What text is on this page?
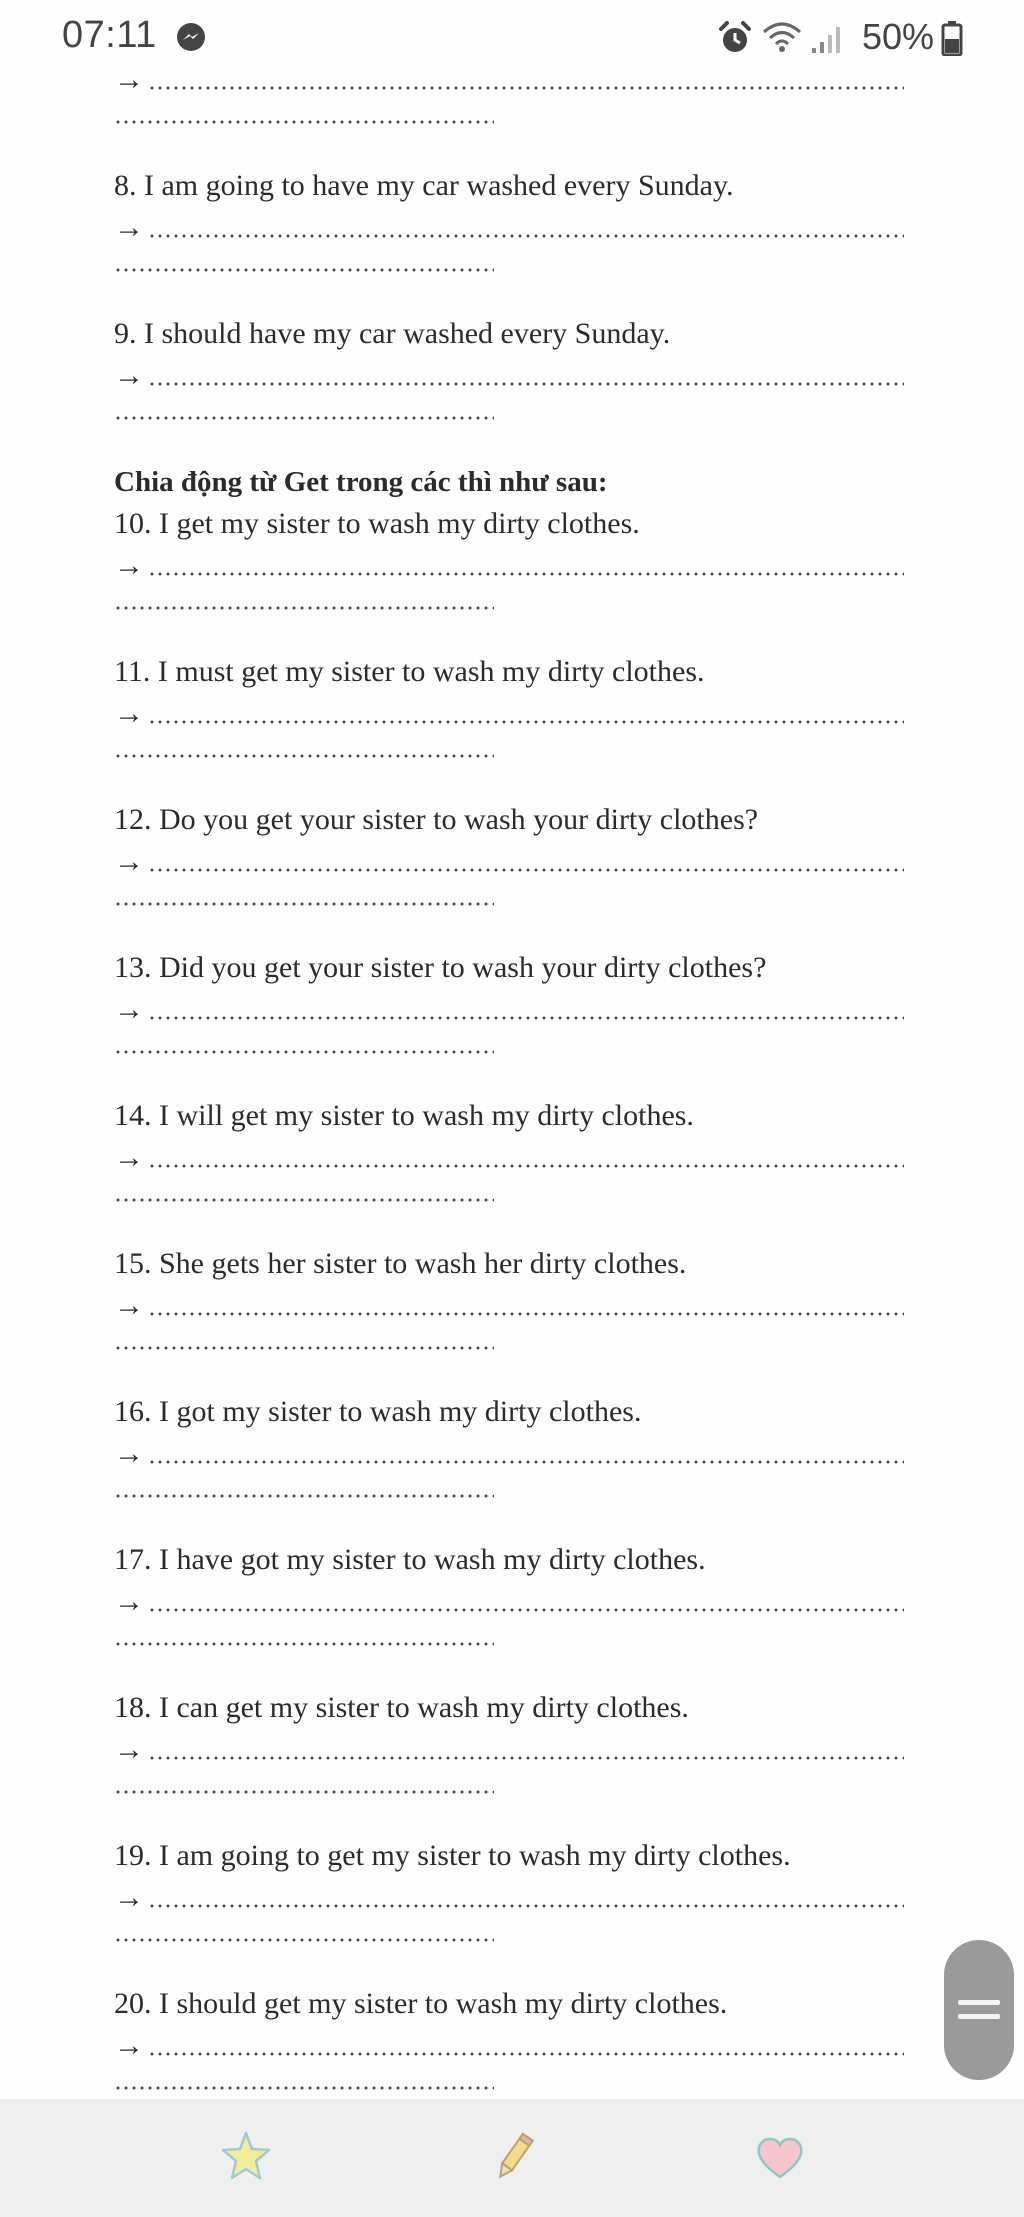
07:11	50%
→
8. I am going to have my car washed every Sunday.
→
9. I should have my car washed every Sunday.
→
Chia động từ Get trong các thì như sau:
10. I get my sister to wash my dirty clothes.
→
11. I must get my sister to wash my dirty clothes.
→
12. Do you get your sister to wash your dirty clothes?
→
13. Did you get your sister to wash your dirty clothes?
→
14. I will get my sister to wash my dirty clothes.
→
15. She gets her sister to wash her dirty clothes.
→
16. I got my sister to wash my dirty clothes.
→
17. I have got my sister to wash my dirty clothes.
→
18. I can get my sister to wash my dirty clothes.
→
19. I am going to get my sister to wash my dirty clothes.
→
20. I should get my sister to wash my dirty clothes.
→
